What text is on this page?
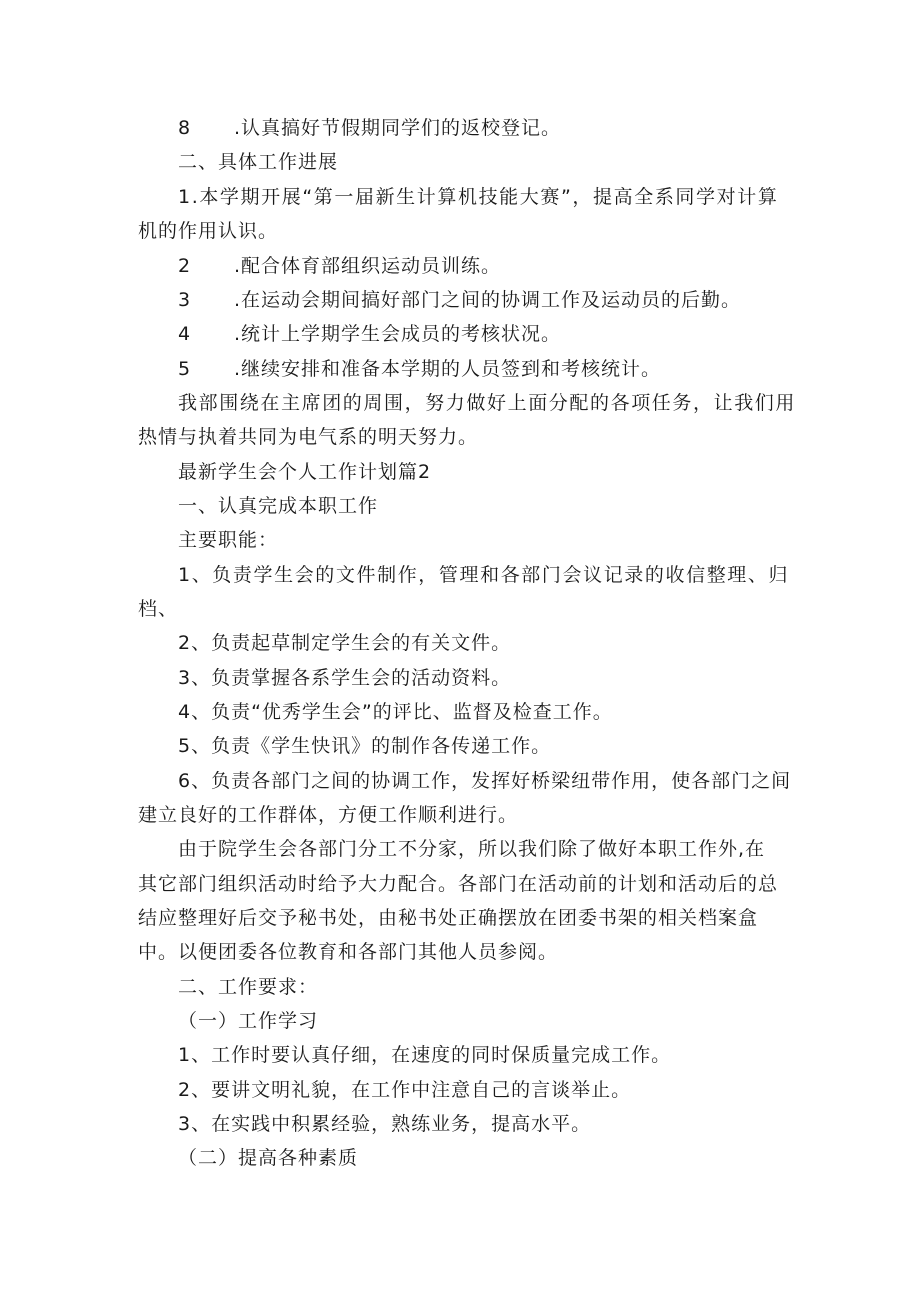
8 .认真搞好节假期同学们的返校登记。
二、具体工作进展
1.本学期开展“第一届新生计算机技能大赛”，提高全系同学对计算
机的作用认识。
2 .配合体育部组织运动员训练。
3 .在运动会期间搞好部门之间的协调工作及运动员的后勤。
4 .统计上学期学生会成员的考核状况。
5 .继续安排和准备本学期的人员签到和考核统计。
我部围绕在主席团的周围，努力做好上面分配的各项任务，让我们用
热情与执着共同为电气系的明天努力。
最新学生会个人工作计划篇2
一、认真完成本职工作
主要职能：
1、负责学生会的文件制作，管理和各部门会议记录的收信整理、归
档、
2、负责起草制定学生会的有关文件。
3、负责掌握各系学生会的活动资料。
4、负责“优秀学生会”的评比、监督及检查工作。
5、负责《学生快讯》的制作各传递工作。
6、负责各部门之间的协调工作，发挥好桥梁纽带作用，使各部门之间
建立良好的工作群体，方便工作顺利进行。
由于院学生会各部门分工不分家，所以我们除了做好本职工作外,在
其它部门组织活动时给予大力配合。各部门在活动前的计划和活动后的总
结应整理好后交予秘书处，由秘书处正确摆放在团委书架的相关档案盒
中。以便团委各位教育和各部门其他人员参阅。
二、工作要求：
（一）工作学习
1、工作时要认真仔细，在速度的同时保质量完成工作。
2、要讲文明礼貌，在工作中注意自己的言谈举止。
3、在实践中积累经验，熟练业务，提高水平。
（二）提高各种素质
